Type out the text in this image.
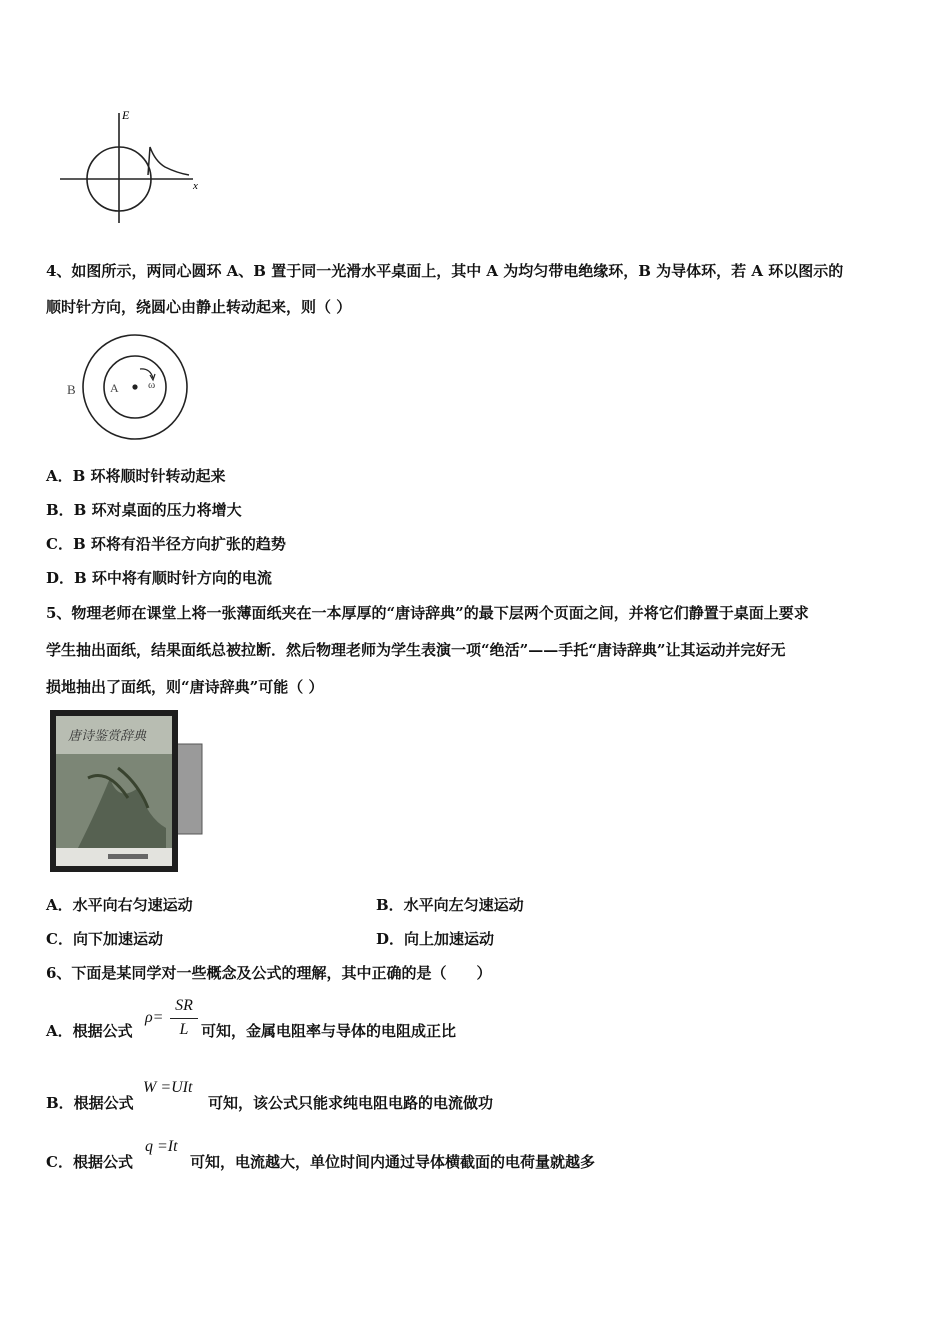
E
x
4、如图所示，两同心圆环 A、B 置于同一光滑水平桌面上，其中 A 为均匀带电绝缘环，B 为导体环，若 A 环以图示的
顺时针方向，绕圆心由静止转动起来，则（ ）
B	A	ω
A．B 环将顺时针转动起来
B．B 环对桌面的压力将增大
C．B 环将有沿半径方向扩张的趋势
D．B 环中将有顺时针方向的电流
5、物理老师在课堂上将一张薄面纸夹在一本厚厚的“唐诗辞典”的最下层两个页面之间，并将它们静置于桌面上要求
学生抽出面纸，结果面纸总被拉断．然后物理老师为学生表演一项“绝活”——手托“唐诗辞典”让其运动并完好无
损地抽出了面纸，则“唐诗辞典”可能（ ）
唐诗鉴赏辞典
A．水平向右匀速运动	B．水平向左匀速运动
C．向下加速运动	D．向上加速运动
6、下面是某同学对一些概念及公式的理解，其中正确的是（　　）
A．根据公式
ρ=
SR
L 可知，金属电阻率与导体的电阻成正比
B．根据公式
W =UIt
可知，该公式只能求纯电阻电路的电流做功
C．根据公式
q =It
可知，电流越大，单位时间内通过导体横截面的电荷量就越多
